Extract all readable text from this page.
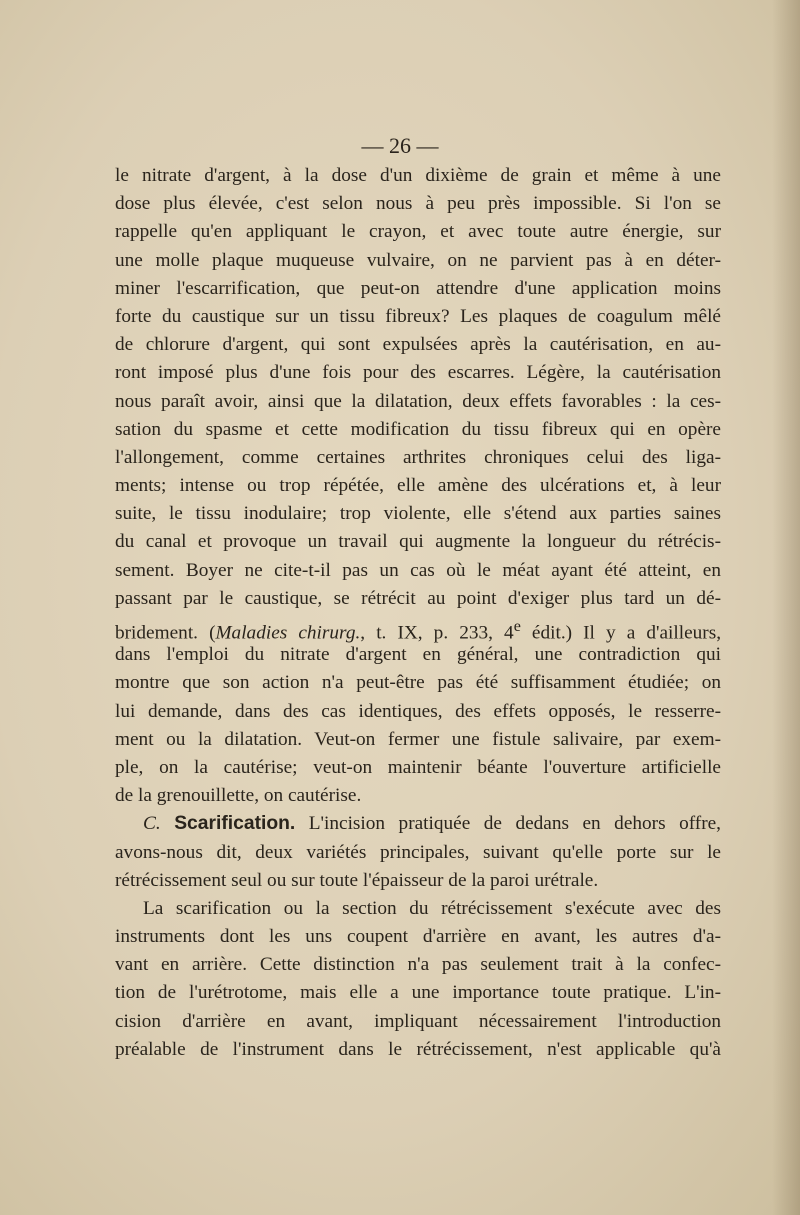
— 26 —
le nitrate d'argent, à la dose d'un dixième de grain et même à une
dose plus élevée, c'est selon nous à peu près impossible. Si l'on se
rappelle qu'en appliquant le crayon, et avec toute autre énergie, sur
une molle plaque muqueuse vulvaire, on ne parvient pas à en déter-
miner l'escarrification, que peut-on attendre d'une application moins
forte du caustique sur un tissu fibreux? Les plaques de coagulum mêlé
de chlorure d'argent, qui sont expulsées après la cautérisation, en au-
ront imposé plus d'une fois pour des escarres. Légère, la cautérisation
nous paraît avoir, ainsi que la dilatation, deux effets favorables : la ces-
sation du spasme et cette modification du tissu fibreux qui en opère
l'allongement, comme certaines arthrites chroniques celui des liga-
ments; intense ou trop répétée, elle amène des ulcérations et, à leur
suite, le tissu inodulaire; trop violente, elle s'étend aux parties saines
du canal et provoque un travail qui augmente la longueur du rétrécis-
sement. Boyer ne cite-t-il pas un cas où le méat ayant été atteint, en
passant par le caustique, se rétrécit au point d'exiger plus tard un dé-
bridement. (Maladies chirurg., t. IX, p. 233, 4e édit.) Il y a d'ailleurs,
dans l'emploi du nitrate d'argent en général, une contradiction qui
montre que son action n'a peut-être pas été suffisamment étudiée; on
lui demande, dans des cas identiques, des effets opposés, le resserre-
ment ou la dilatation. Veut-on fermer une fistule salivaire, par exem-
ple, on la cautérise; veut-on maintenir béante l'ouverture artificielle
de la grenouillette, on cautérise.
C. Scarification. L'incision pratiquée de dedans en dehors offre,
avons-nous dit, deux variétés principales, suivant qu'elle porte sur le
rétrécissement seul ou sur toute l'épaisseur de la paroi urétrale.
La scarification ou la section du rétrécissement s'exécute avec des
instruments dont les uns coupent d'arrière en avant, les autres d'a-
vant en arrière. Cette distinction n'a pas seulement trait à la confec-
tion de l'urétrotome, mais elle a une importance toute pratique. L'in-
cision d'arrière en avant, impliquant nécessairement l'introduction
préalable de l'instrument dans le rétrécissement, n'est applicable qu'à
